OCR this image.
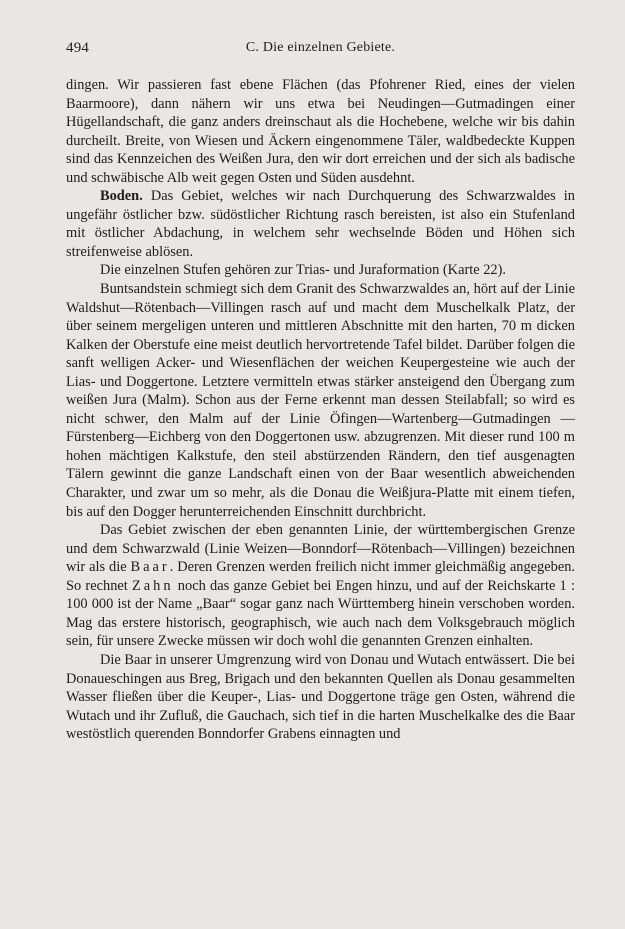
494	C. Die einzelnen Gebiete.

dingen. Wir passieren fast ebene Flächen (das Pfohrener Ried, eines der vielen Baarmoore), dann nähern wir uns etwa bei Neudingen—Gutmadingen einer Hügellandschaft, die ganz anders dreinschaut als die Hochebene, welche wir bis dahin durcheilt. Breite, von Wiesen und Äckern eingenommene Täler, waldbedeckte Kuppen sind das Kennzeichen des Weißen Jura, den wir dort erreichen und der sich als badische und schwäbische Alb weit gegen Osten und Süden ausdehnt.

Boden. Das Gebiet, welches wir nach Durchquerung des Schwarzwaldes in ungefähr östlicher bzw. südöstlicher Richtung rasch bereisten, ist also ein Stufenland mit östlicher Abdachung, in welchem sehr wechselnde Böden und Höhen sich streifenweise ablösen.

Die einzelnen Stufen gehören zur Trias- und Juraformation (Karte 22).

Buntsandstein schmiegt sich dem Granit des Schwarzwaldes an, hört auf der Linie Waldshut—Rötenbach—Villingen rasch auf und macht dem Muschelkalk Platz, der über seinem mergeligen unteren und mittleren Abschnitte mit den harten, 70 m dicken Kalken der Oberstufe eine meist deutlich hervortretende Tafel bildet. Darüber folgen die sanft welligen Acker- und Wiesenflächen der weichen Keupergesteine wie auch der Lias- und Doggertone. Letztere vermitteln etwas stärker ansteigend den Übergang zum weißen Jura (Malm). Schon aus der Ferne erkennt man dessen Steilabfall; so wird es nicht schwer, den Malm auf der Linie Öfingen—Wartenberg—Gutmadingen —Fürstenberg—Eichberg von den Doggertonen usw. abzugrenzen. Mit dieser rund 100 m hohen mächtigen Kalkstufe, den steil abstürzenden Rändern, den tief ausgenagten Tälern gewinnt die ganze Landschaft einen von der Baar wesentlich abweichenden Charakter, und zwar um so mehr, als die Donau die Weißjura-Platte mit einem tiefen, bis auf den Dogger herunterreichenden Einschnitt durchbricht.

Das Gebiet zwischen der eben genannten Linie, der württembergischen Grenze und dem Schwarzwald (Linie Weizen—Bonndorf—Rötenbach—Villingen) bezeichnen wir als die Baar. Deren Grenzen werden freilich nicht immer gleichmäßig angegeben. So rechnet Zahn noch das ganze Gebiet bei Engen hinzu, und auf der Reichskarte 1 : 100 000 ist der Name „Baar“ sogar ganz nach Württemberg hinein verschoben worden. Mag das erstere historisch, geographisch, wie auch nach dem Volksgebrauch möglich sein, für unsere Zwecke müssen wir doch wohl die genannten Grenzen einhalten.

Die Baar in unserer Umgrenzung wird von Donau und Wutach entwässert. Die bei Donaueschingen aus Breg, Brigach und den bekannten Quellen als Donau gesammelten Wasser fließen über die Keuper-, Lias- und Doggertone träge gen Osten, während die Wutach und ihr Zufluß, die Gauchach, sich tief in die harten Muschelkalke des die Baar westöstlich querenden Bonndorfer Grabens einnagten und
